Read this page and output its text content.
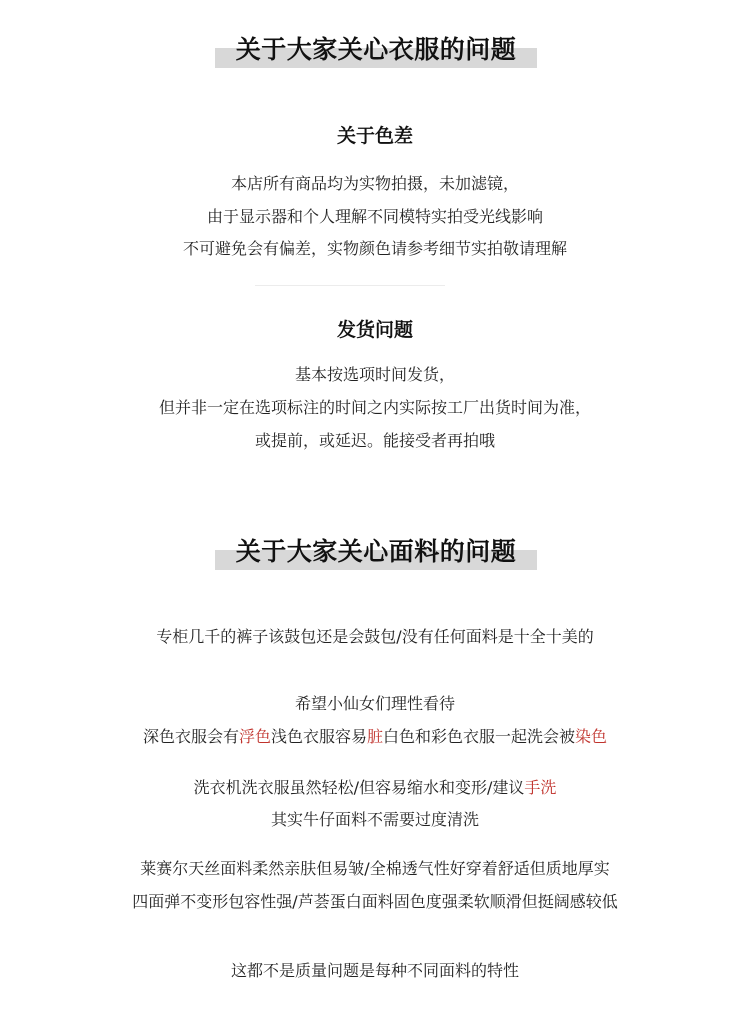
关于大家关心衣服的问题
关于色差
本店所有商品均为实物拍摄，未加滤镜，
由于显示器和个人理解不同模特实拍受光线影响
不可避免会有偏差，实物颜色请参考细节实拍敬请理解
发货问题
基本按选项时间发货，
但并非一定在选项标注的时间之内实际按工厂出货时间为准，
或提前，或延迟。能接受者再拍哦
关于大家关心面料的问题
专柜几千的裤子该鼓包还是会鼓包/没有任何面料是十全十美的
希望小仙女们理性看待
深色衣服会有浮色浅色衣服容易脏白色和彩色衣服一起洗会被染色
洗衣机洗衣服虽然轻松/但容易缩水和变形/建议手洗
其实牛仔面料不需要过度清洗
莱赛尔天丝面料柔然亲肤但易皱/全棉透气性好穿着舒适但质地厚实
四面弹不变形包容性强/芦荟蛋白面料固色度强柔软顺滑但挺阔感较低
这都不是质量问题是每种不同面料的特性
